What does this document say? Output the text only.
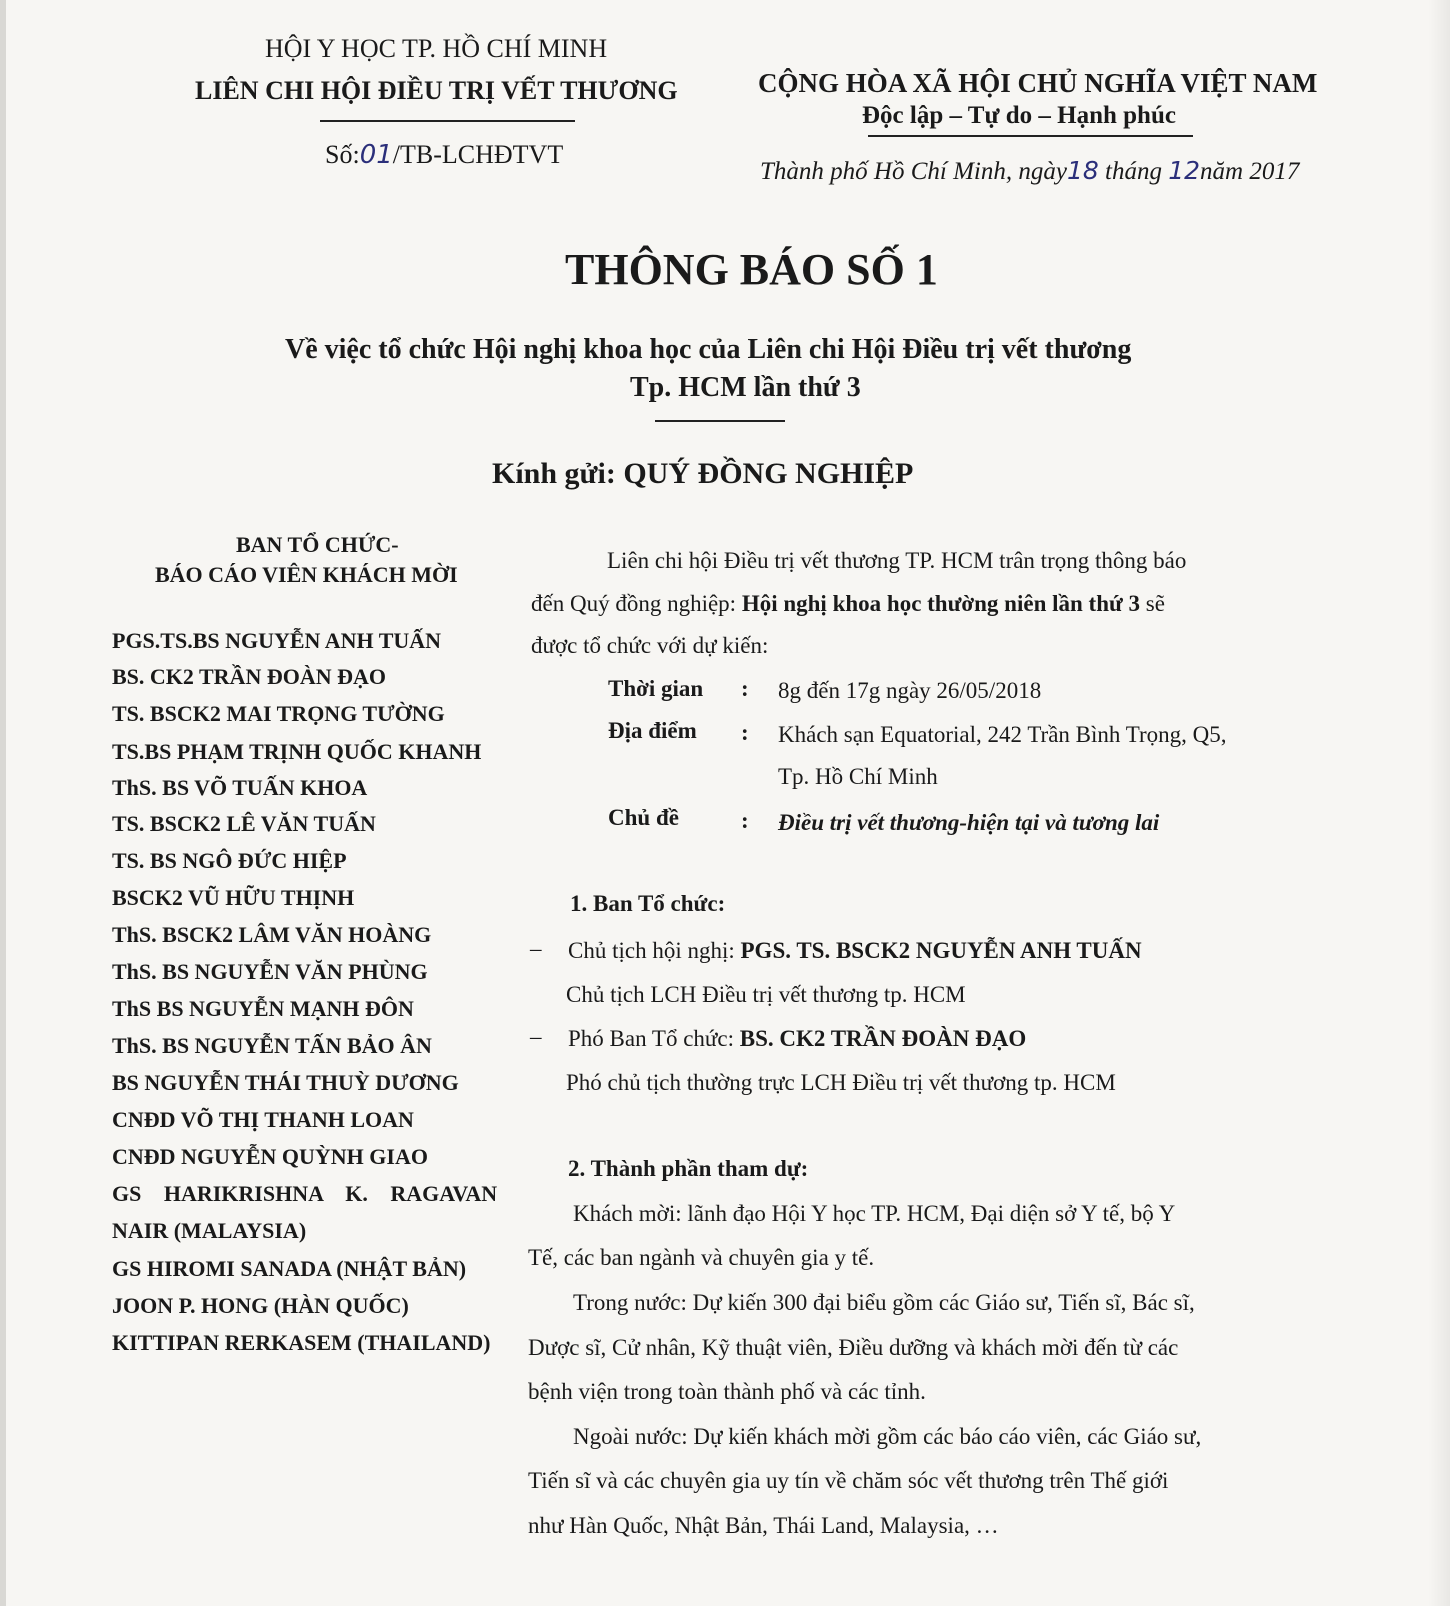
HỘI Y HỌC TP. HỒ CHÍ MINH
LIÊN CHI HỘI ĐIỀU TRỊ VẾT THƯƠNG
Số:01/TB-LCHĐTVT
CỘNG HÒA XÃ HỘI CHỦ NGHĨA VIỆT NAM
Độc lập – Tự do – Hạnh phúc
Thành phố Hồ Chí Minh, ngày18 tháng 12năm 2017
THÔNG BÁO SỐ 1
Về việc tổ chức Hội nghị khoa học của Liên chi Hội Điều trị vết thương
Tp. HCM lần thứ 3
Kính gửi: QUÝ ĐỒNG NGHIỆP
BAN TỔ CHỨC-
BÁO CÁO VIÊN KHÁCH MỜI
PGS.TS.BS NGUYỄN ANH TUẤN
BS. CK2 TRẦN ĐOÀN ĐẠO
TS. BSCK2 MAI TRỌNG TƯỜNG
TS.BS PHẠM TRỊNH QUỐC KHANH
ThS. BS VÕ TUẤN KHOA
TS. BSCK2 LÊ VĂN TUẤN
TS. BS NGÔ ĐỨC HIỆP
BSCK2 VŨ HỮU THỊNH
ThS. BSCK2 LÂM VĂN HOÀNG
ThS. BS NGUYỄN VĂN PHÙNG
ThS BS NGUYỄN MẠNH ĐÔN
ThS. BS NGUYỄN TẤN BẢO ÂN
BS NGUYỄN THÁI THUỲ DƯƠNG
CNĐD VÕ THỊ THANH LOAN
CNĐD NGUYỄN QUỲNH GIAO
GS HARIKRISHNA K. RAGAVAN
NAIR (MALAYSIA)
GS HIROMI SANADA (NHẬT BẢN)
JOON P. HONG (HÀN QUỐC)
KITTIPAN RERKASEM (THAILAND)
Liên chi hội Điều trị vết thương TP. HCM trân trọng thông báo
đến Quý đồng nghiệp: Hội nghị khoa học thường niên lần thứ 3 sẽ
được tổ chức với dự kiến:
Thời gian : 8g đến 17g ngày 26/05/2018
Địa điểm : Khách sạn Equatorial, 242 Trần Bình Trọng, Q5,
Tp. Hồ Chí Minh
Chủ đề	: Điều trị vết thương-hiện tại và tương lai
1. Ban Tổ chức:
– Chủ tịch hội nghị: PGS. TS. BSCK2 NGUYỄN ANH TUẤN
Chủ tịch LCH Điều trị vết thương tp. HCM
– Phó Ban Tổ chức: BS. CK2 TRẦN ĐOÀN ĐẠO
Phó chủ tịch thường trực LCH Điều trị vết thương tp. HCM
2. Thành phần tham dự:
Khách mời: lãnh đạo Hội Y học TP. HCM, Đại diện sở Y tế, bộ Y
Tế, các ban ngành và chuyên gia y tế.
Trong nước: Dự kiến 300 đại biểu gồm các Giáo sư, Tiến sĩ, Bác sĩ,
Dược sĩ, Cử nhân, Kỹ thuật viên, Điều dưỡng và khách mời đến từ các
bệnh viện trong toàn thành phố và các tỉnh.
Ngoài nước: Dự kiến khách mời gồm các báo cáo viên, các Giáo sư,
Tiến sĩ và các chuyên gia uy tín về chăm sóc vết thương trên Thế giới
như Hàn Quốc, Nhật Bản, Thái Land, Malaysia, …
